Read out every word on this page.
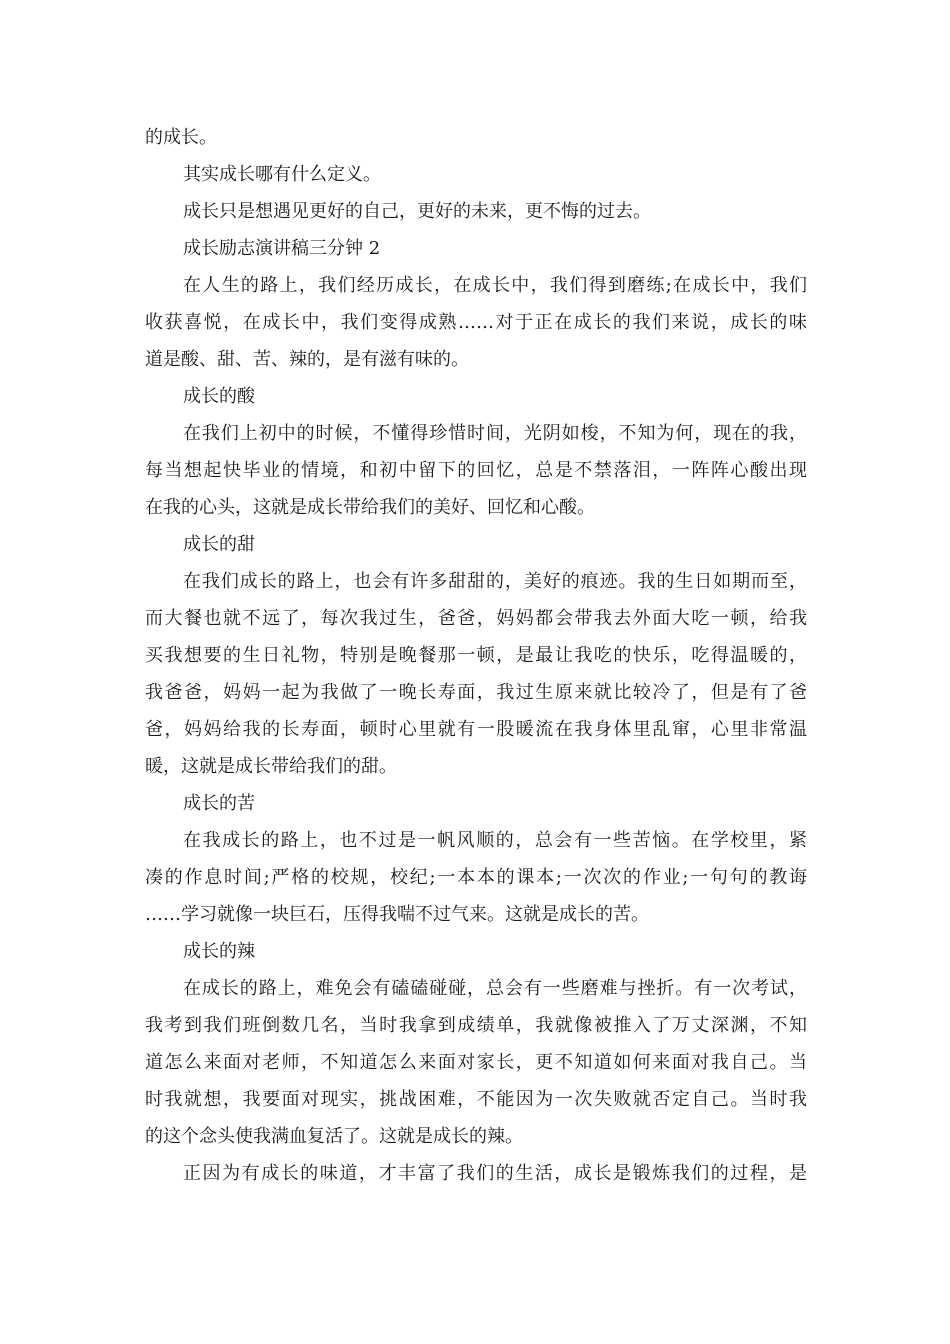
的成长。
其实成长哪有什么定义。
成长只是想遇见更好的自己，更好的未来，更不悔的过去。
成长励志演讲稿三分钟 2
在人生的路上，我们经历成长，在成长中，我们得到磨练;在成长中，我们
收获喜悦，在成长中，我们变得成熟……对于正在成长的我们来说，成长的味
道是酸、甜、苦、辣的，是有滋有味的。
成长的酸
在我们上初中的时候，不懂得珍惜时间，光阴如梭，不知为何，现在的我，
每当想起快毕业的情境，和初中留下的回忆，总是不禁落泪，一阵阵心酸出现
在我的心头，这就是成长带给我们的美好、回忆和心酸。
成长的甜
在我们成长的路上，也会有许多甜甜的，美好的痕迹。我的生日如期而至，
而大餐也就不远了，每次我过生，爸爸，妈妈都会带我去外面大吃一顿，给我
买我想要的生日礼物，特别是晚餐那一顿，是最让我吃的快乐，吃得温暖的，
我爸爸，妈妈一起为我做了一晚长寿面，我过生原来就比较冷了，但是有了爸
爸，妈妈给我的长寿面，顿时心里就有一股暖流在我身体里乱窜，心里非常温
暖，这就是成长带给我们的甜。
成长的苦
在我成长的路上，也不过是一帆风顺的，总会有一些苦恼。在学校里，紧
凑的作息时间;严格的校规，校纪;一本本的课本;一次次的作业;一句句的教诲
……学习就像一块巨石，压得我喘不过气来。这就是成长的苦。
成长的辣
在成长的路上，难免会有磕磕碰碰，总会有一些磨难与挫折。有一次考试，
我考到我们班倒数几名，当时我拿到成绩单，我就像被推入了万丈深渊，不知
道怎么来面对老师，不知道怎么来面对家长，更不知道如何来面对我自己。当
时我就想，我要面对现实，挑战困难，不能因为一次失败就否定自己。当时我
的这个念头使我满血复活了。这就是成长的辣。
正因为有成长的味道，才丰富了我们的生活，成长是锻炼我们的过程，是
